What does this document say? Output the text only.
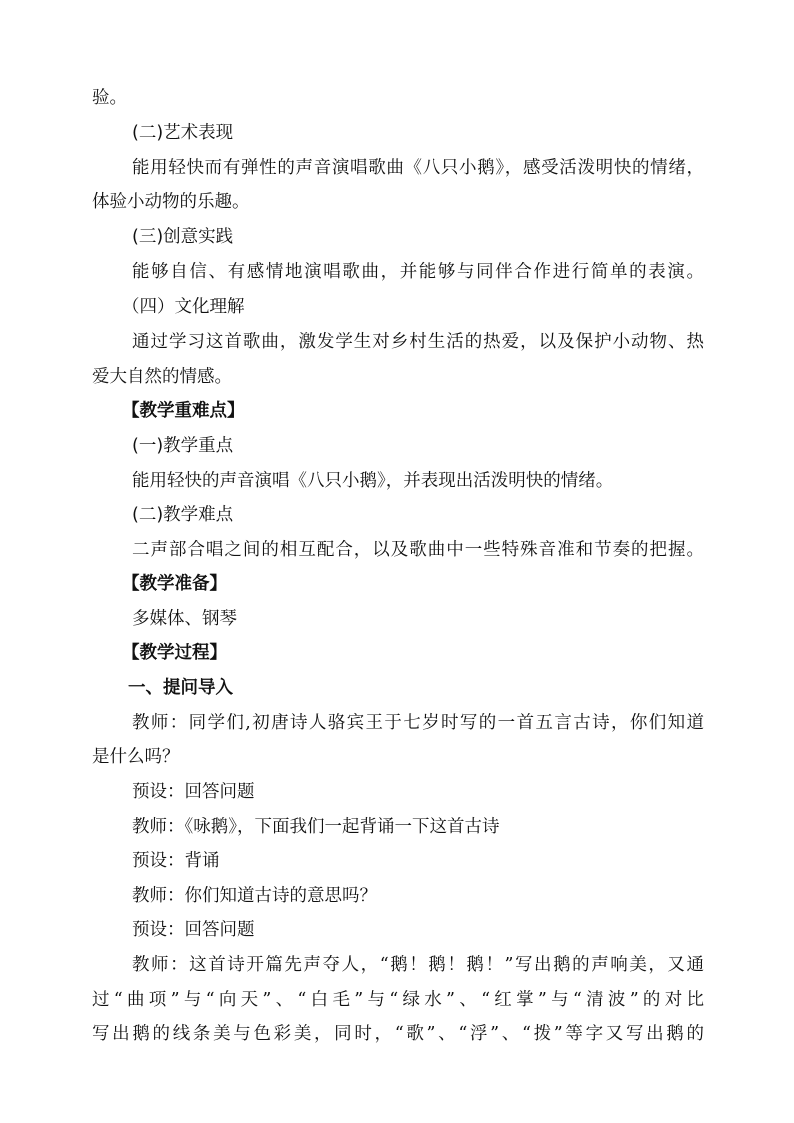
验。
(二)艺术表现
能用轻快而有弹性的声音演唱歌曲《八只小鹅》，感受活泼明快的情绪，
体验小动物的乐趣。
(三)创意实践
能够自信、有感情地演唱歌曲，并能够与同伴合作进行简单的表演。
（四）文化理解
通过学习这首歌曲，激发学生对乡村生活的热爱，以及保护小动物、热
爱大自然的情感。
【教学重难点】
(一)教学重点
能用轻快的声音演唱《八只小鹅》，并表现出活泼明快的情绪。
(二)教学难点
二声部合唱之间的相互配合，以及歌曲中一些特殊音准和节奏的把握。
【教学准备】
多媒体、钢琴
【教学过程】
一、提问导入
教师：同学们,初唐诗人骆宾王于七岁时写的一首五言古诗，你们知道
是什么吗？
预设：回答问题
教师：《咏鹅》，下面我们一起背诵一下这首古诗
预设：背诵
教师：你们知道古诗的意思吗？
预设：回答问题
教师：这首诗开篇先声夺人，“鹅！鹅！鹅！”写出鹅的声响美，又通
过“曲项”与“向天”、“白毛”与“绿水”、“红掌”与“清波”的对比
写出鹅的线条美与色彩美，同时，“歌”、“浮”、“拨”等字又写出鹅的
